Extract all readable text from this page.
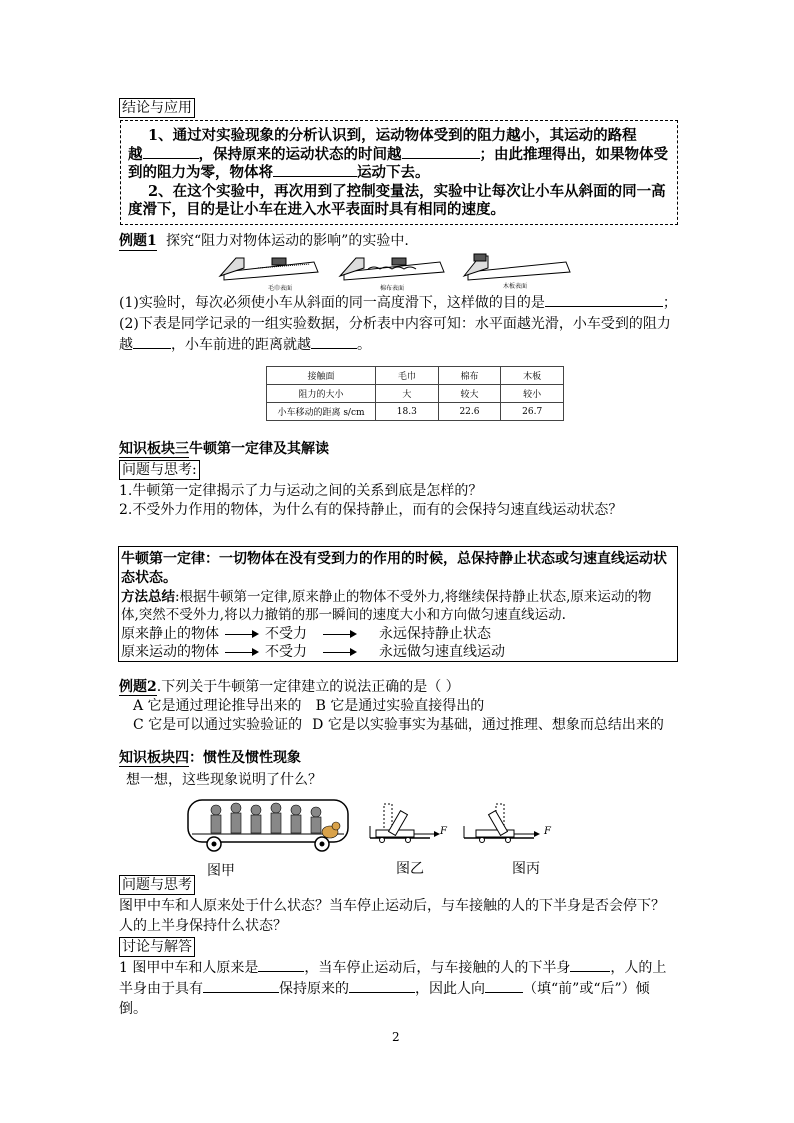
结论与应用
1、通过对实验现象的分析认识到，运动物体受到的阻力越小，其运动的路程
越	，保持原来的运动状态的时间越	；由此推理得出，如果物体受
到的阻力为零，物体将	运动下去。
2、在这个实验中，再次用到了控制变量法，实验中让每次让小车从斜面的同一高
度滑下，目的是让小车在进入水平表面时具有相同的速度。
例题1 探究“阻力对物体运动的影响”的实验中.
毛巾表面	棉布表面	木板表面
(1)实验时，每次必须使小车从斜面的同一高度滑下，这样做的目的是	；
(2)下表是同学记录的一组实验数据，分析表中内容可知：水平面越光滑，小车受到的阻力
越	，小车前进的距离就越	。
接触面	毛巾	棉布	木板
阻力的大小	大	较大	较小
小车移动的距离 s/cm	18.3	22.6	26.7
知识板块三牛顿第一定律及其解读
问题与思考:
1.牛顿第一定律揭示了力与运动之间的关系到底是怎样的？
2.不受外力作用的物体，为什么有的保持静止，而有的会保持匀速直线运动状态？
牛顿第一定律：一切物体在没有受到力的作用的时候，总保持静止状态或匀速直线运动状
态状态。
方法总结:根据牛顿第一定律,原来静止的物体不受外力,将继续保持静止状态,原来运动的物
体,突然不受外力,将以力撤销的那一瞬间的速度大小和方向做匀速直线运动.
原来静止的物体	不受力	永远保持静止状态
原来运动的物体	不受力	永远做匀速直线运动
例题2.下列关于牛顿第一定律建立的说法正确的是（ ）
A 它是通过理论推导出来的 B 它是通过实验直接得出的
C 它是可以通过实验验证的 D 它是以实验事实为基础，通过推理、想象而总结出来的
知识板块四：惯性及惯性现象
想一想，这些现象说明了什么？
F	F
图甲	图乙	图丙
问题与思考
图甲中车和人原来处于什么状态？当车停止运动后，与车接触的人的下半身是否会停下？
人的上半身保持什么状态？
讨论与解答
1 图甲中车和人原来是	，当车停止运动后，与车接触的人的下半身	，人的上
半身由于具有	保持原来的	，因此人向	（填“前”或“后”）倾
倒。
2
